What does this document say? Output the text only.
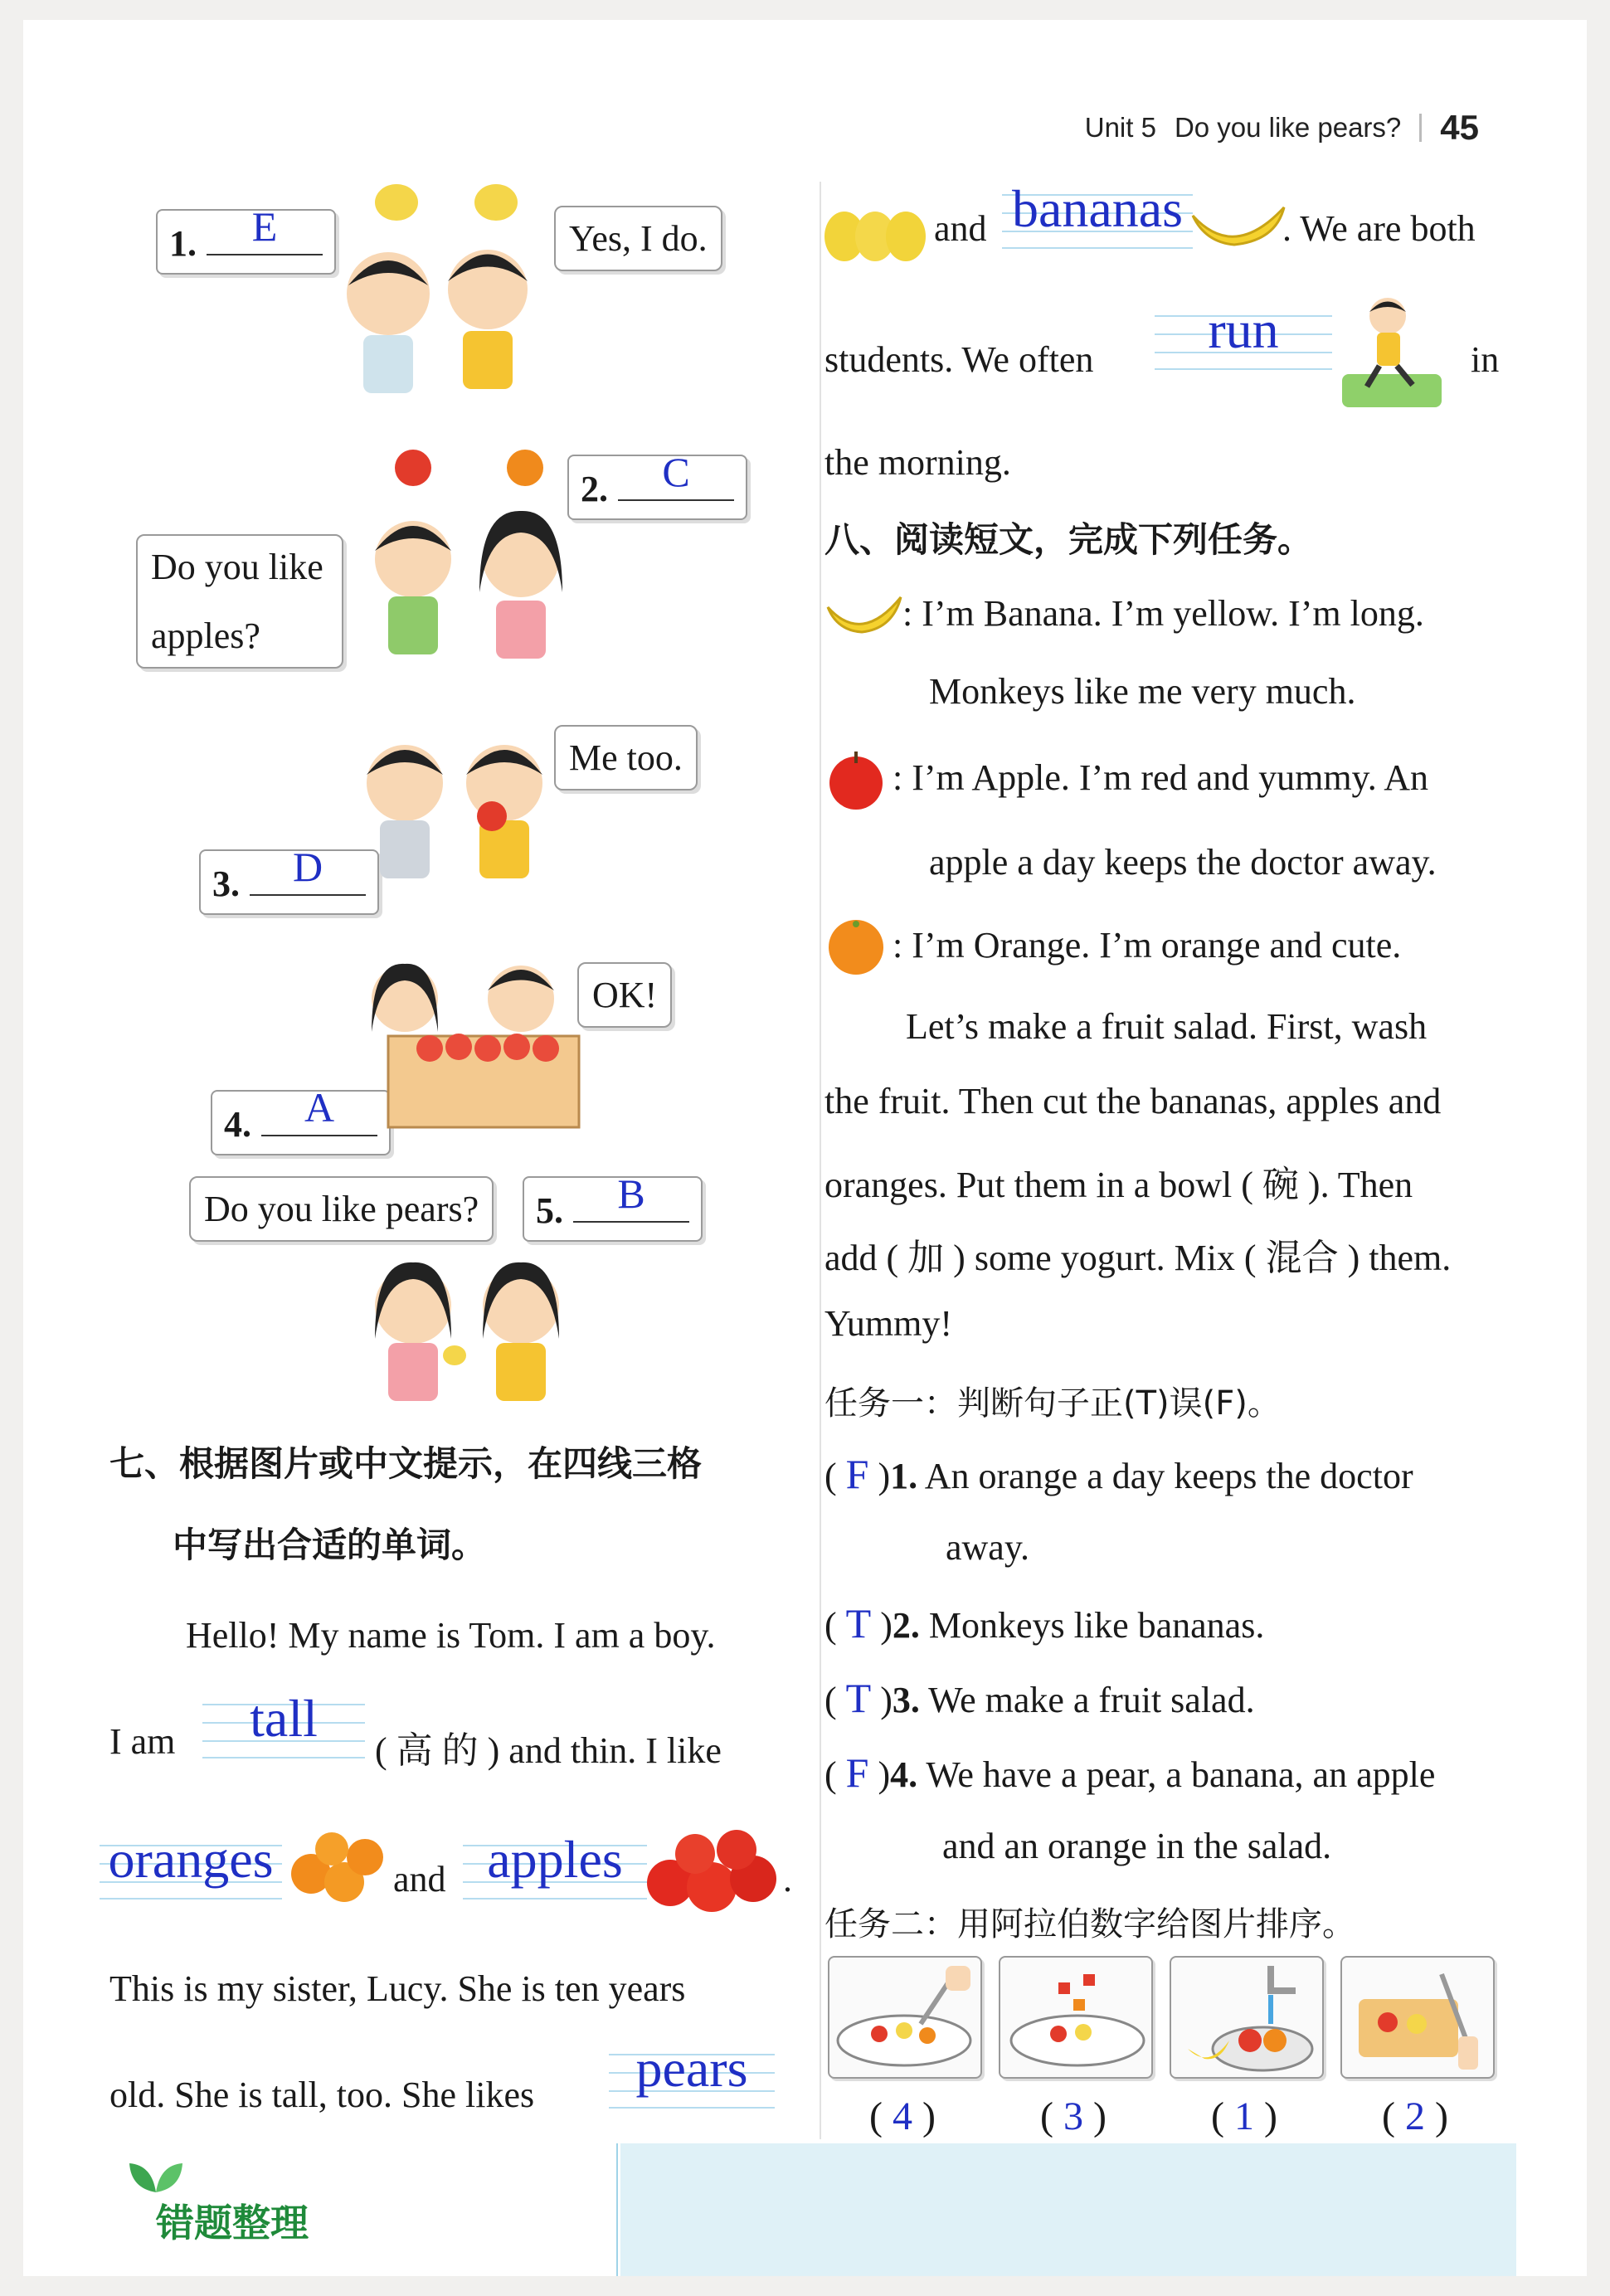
Unit 5 Do you like pears? 45
1.	E	Yes, I do.
2.	C
Do you like
apples?
Me too.
3.	D
OK!
4.	A
Do you like pears?	5.	B
七、根据图片或中文提示，在四线三格
中写出合适的单词。
Hello! My name is Tom. I am a boy.
I am	tall
( 高 的 ) and thin. I like
oranges	and apples	.
This is my sister, Lucy. She is ten years
old. She is tall, too. She likes	pears
and bananas	. We are both
students. We often
run
in
the morning.
八、阅读短文，完成下列任务。
: I’m Banana. I’m yellow. I’m long.
Monkeys like me very much.
: I’m Apple. I’m red and yummy. An
apple a day keeps the doctor away.
: I’m Orange. I’m orange and cute.
Let’s make a fruit salad. First, wash
the fruit. Then cut the bananas, apples and
oranges. Put them in a bowl ( 碗 ). Then
add ( 加 ) some yogurt. Mix ( 混合 ) them.
Yummy!
任务一：判断句子正(T)误(F)。
( F )1. An orange a day keeps the doctor
away.
( T )2. Monkeys like bananas.
( T )3. We make a fruit salad.
( F )4. We have a pear, a banana, an apple
and an orange in the salad.
任务二：用阿拉伯数字给图片排序。
( 4 )	( 3 )	( 1 )	( 2 )
错题整理
